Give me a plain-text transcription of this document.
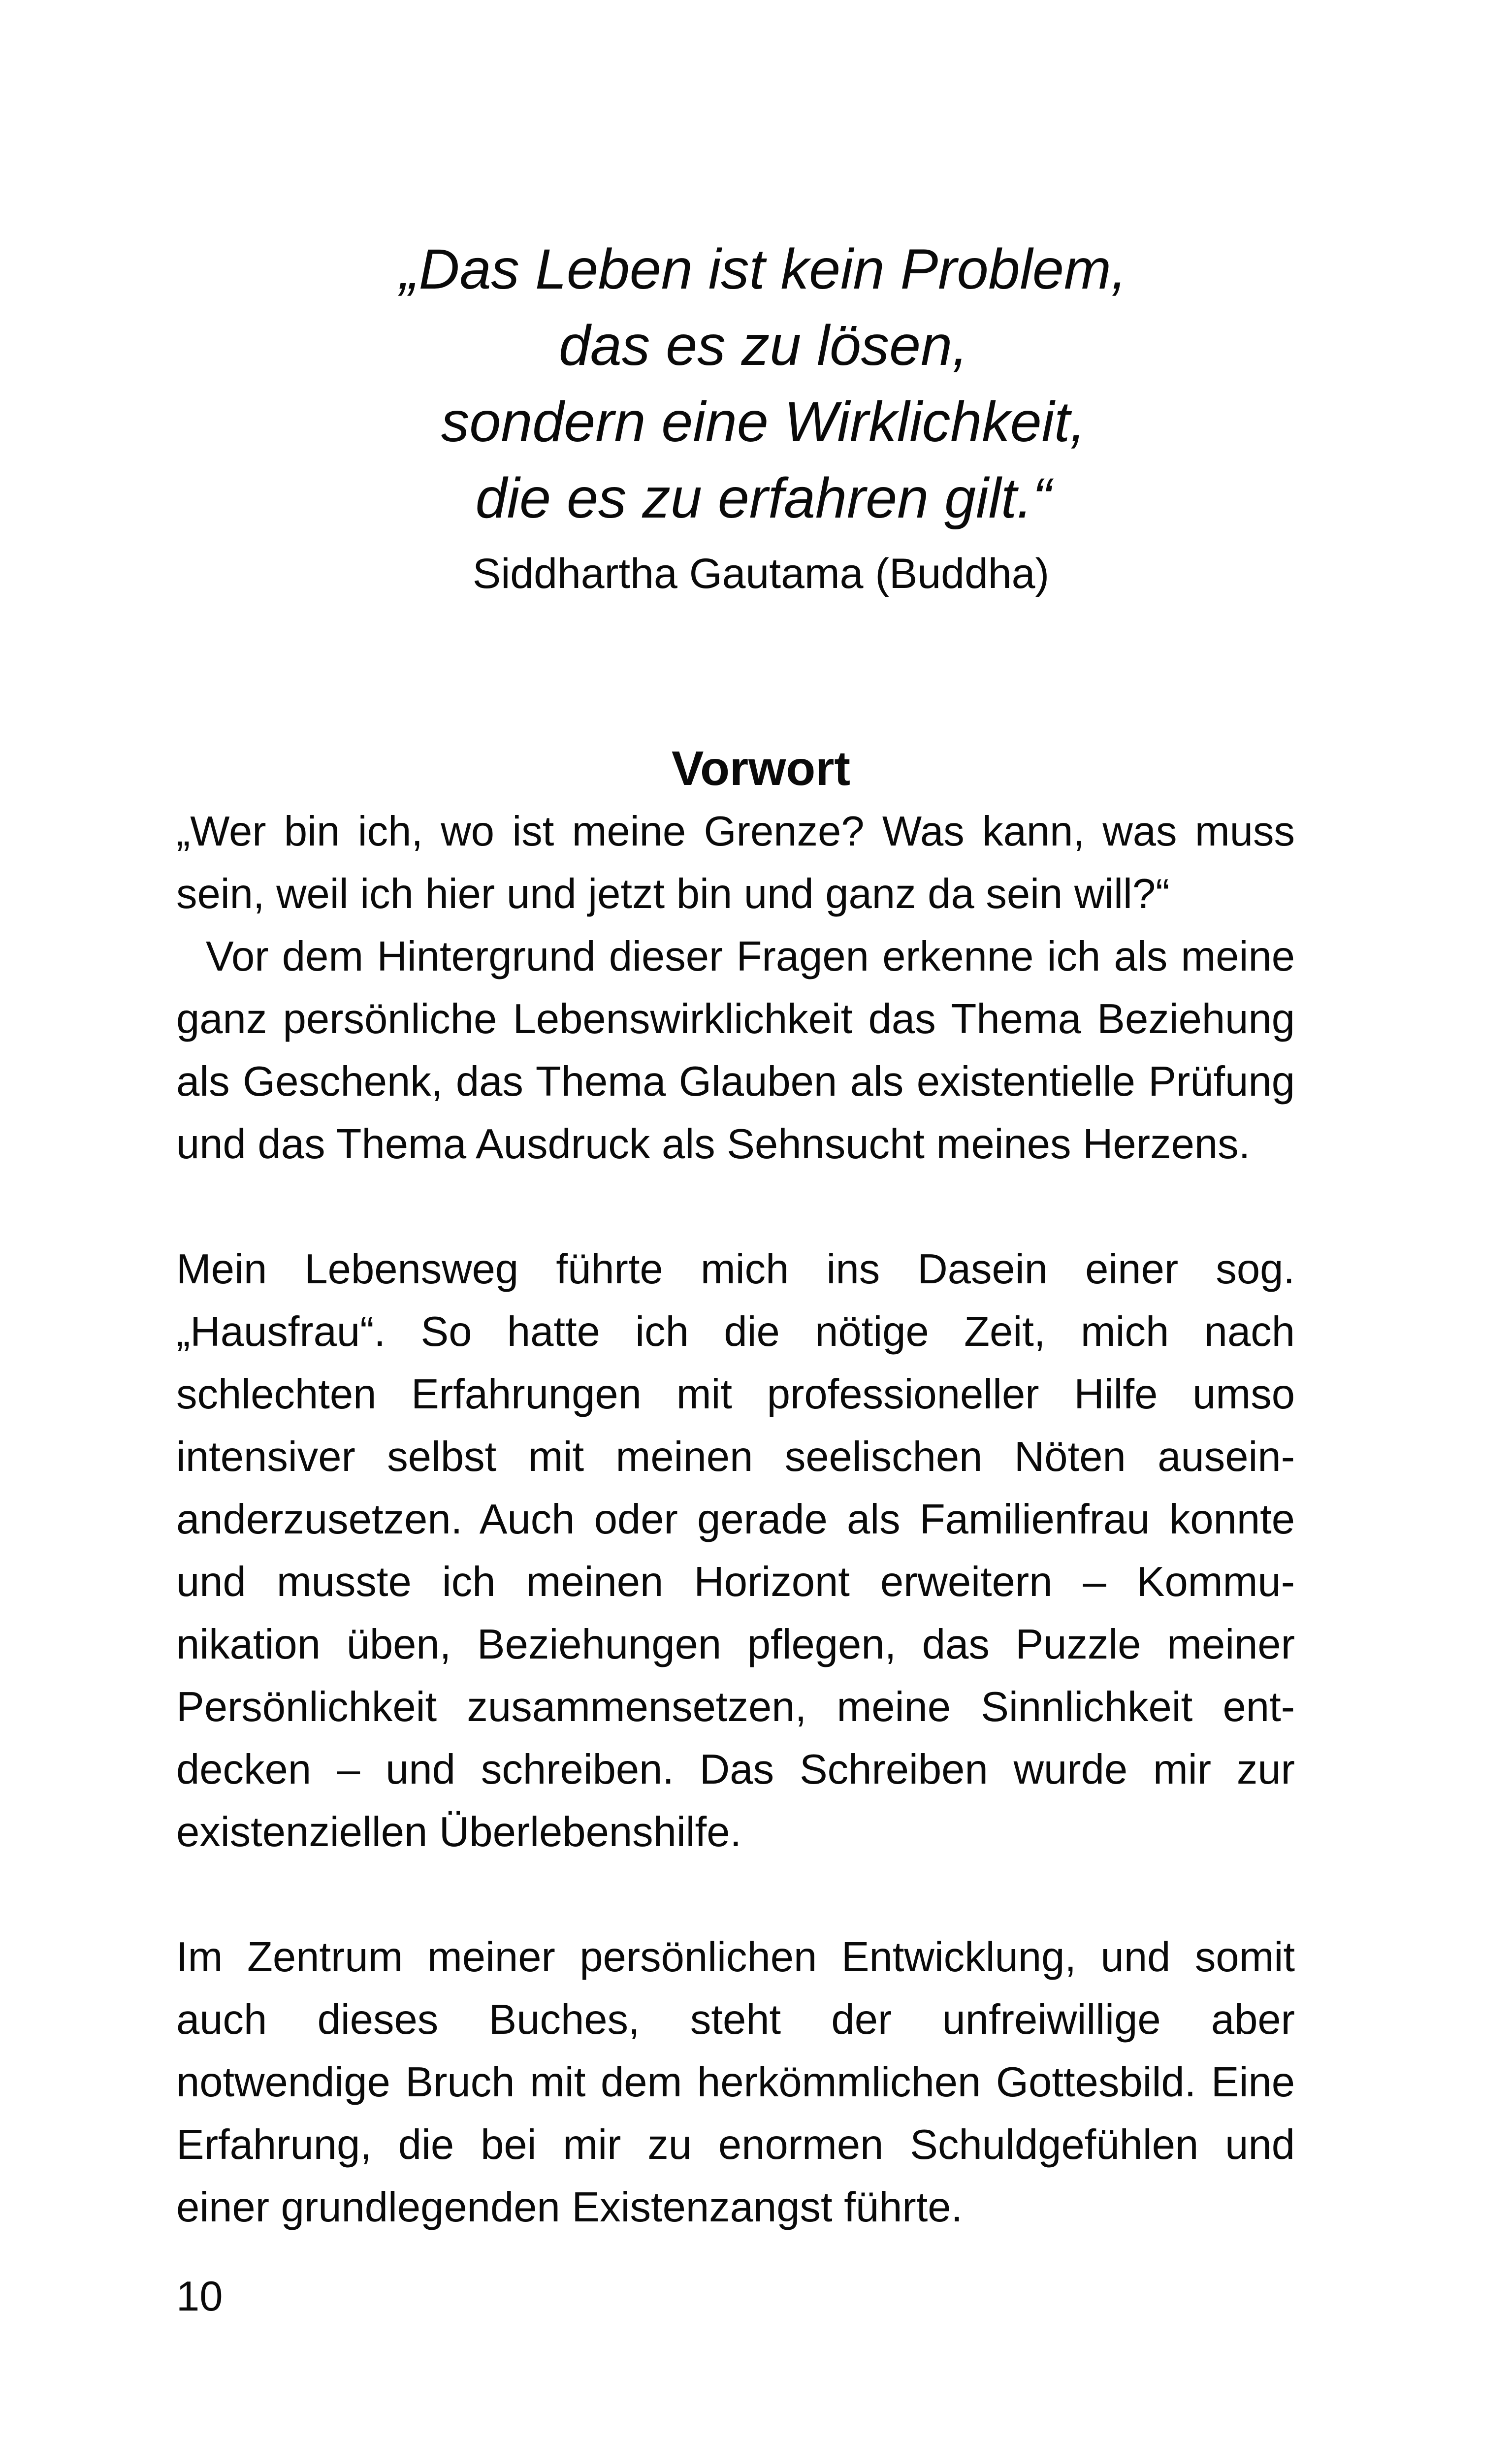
„Das Leben ist kein Problem,
das es zu lösen,
sondern eine Wirklichkeit,
die es zu erfahren gilt.“
Siddhartha Gautama (Buddha)
Vorwort
„Wer bin ich, wo ist meine Grenze? Was kann, was muss
sein, weil ich hier und jetzt bin und ganz da sein will?“
Vor dem Hintergrund dieser Fragen erkenne ich als meine
ganz persönliche Lebenswirklichkeit das Thema Beziehung
als Geschenk, das Thema Glauben als existentielle Prüfung
und das Thema Ausdruck als Sehnsucht meines Herzens.
Mein Lebensweg führte mich ins Dasein einer sog.
„Hausfrau“. So hatte ich die nötige Zeit, mich nach
schlechten Erfahrungen mit professioneller Hilfe umso
intensiver selbst mit meinen seelischen Nöten ausein-
anderzusetzen. Auch oder gerade als Familienfrau konnte
und musste ich meinen Horizont erweitern – Kommu-
nikation üben, Beziehungen pflegen, das Puzzle meiner
Persönlichkeit zusammensetzen, meine Sinnlichkeit ent-
decken – und schreiben. Das Schreiben wurde mir zur
existenziellen Überlebenshilfe.
Im Zentrum meiner persönlichen Entwicklung, und somit
auch dieses Buches, steht der unfreiwillige aber
notwendige Bruch mit dem herkömmlichen Gottesbild. Eine
Erfahrung, die bei mir zu enormen Schuldgefühlen und
einer grundlegenden Existenzangst führte.
10
